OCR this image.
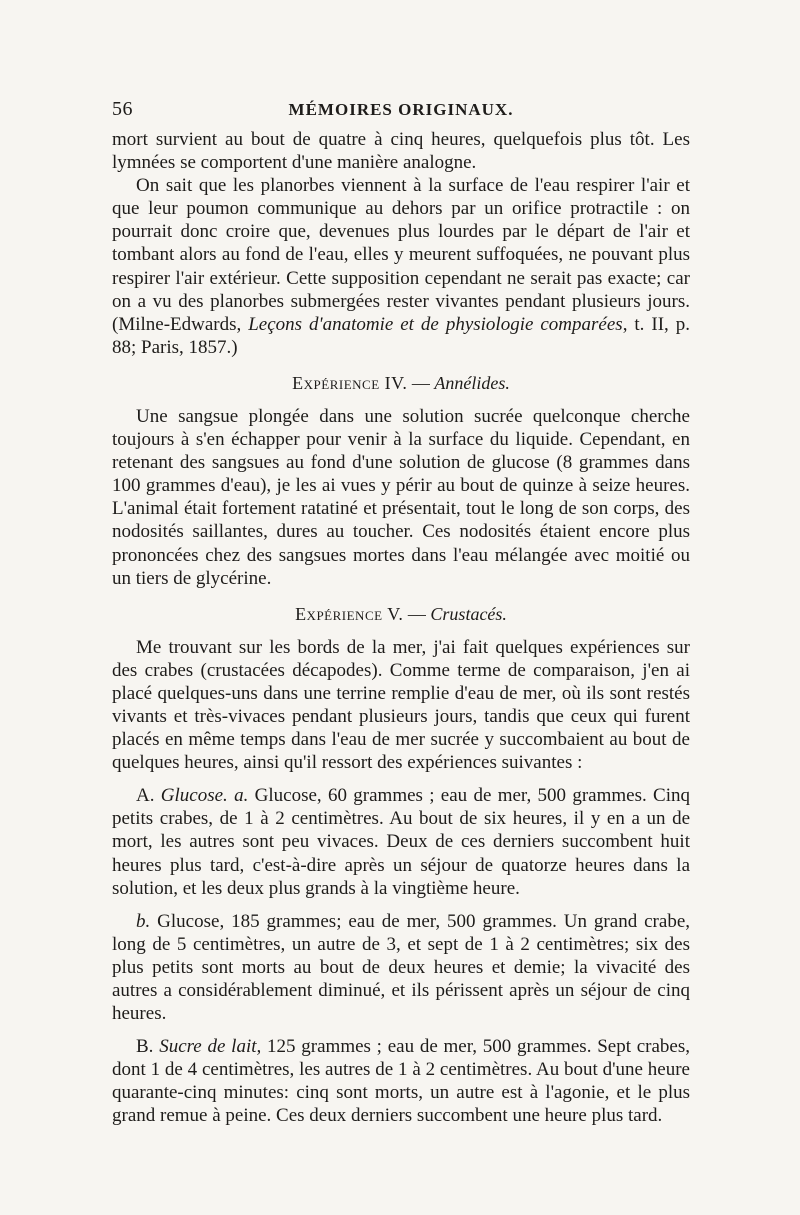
56	MÉMOIRES ORIGINAUX.

mort survient au bout de quatre à cinq heures, quelquefois plus tôt. Les lymnées se comportent d'une manière analogne.

On sait que les planorbes viennent à la surface de l'eau respirer l'air et que leur poumon communique au dehors par un orifice protractile : on pourrait donc croire que, devenues plus lourdes par le départ de l'air et tombant alors au fond de l'eau, elles y meurent suffoquées, ne pouvant plus respirer l'air extérieur. Cette supposition cependant ne serait pas exacte; car on a vu des planorbes submergées rester vivantes pendant plusieurs jours. (Milne-Edwards, Leçons d'anatomie et de physiologie comparées, t. II, p. 88; Paris, 1857.)

Expérience IV. — Annélides.

Une sangsue plongée dans une solution sucrée quelconque cherche toujours à s'en échapper pour venir à la surface du liquide. Cependant, en retenant des sangsues au fond d'une solution de glucose (8 grammes dans 100 grammes d'eau), je les ai vues y périr au bout de quinze à seize heures. L'animal était fortement ratatiné et présentait, tout le long de son corps, des nodosités saillantes, dures au toucher. Ces nodosités étaient encore plus prononcées chez des sangsues mortes dans l'eau mélangée avec moitié ou un tiers de glycérine.

Expérience V. — Crustacés.

Me trouvant sur les bords de la mer, j'ai fait quelques expériences sur des crabes (crustacées décapodes). Comme terme de comparaison, j'en ai placé quelques-uns dans une terrine remplie d'eau de mer, où ils sont restés vivants et très-vivaces pendant plusieurs jours, tandis que ceux qui furent placés en même temps dans l'eau de mer sucrée y succombaient au bout de quelques heures, ainsi qu'il ressort des expériences suivantes :

A. Glucose. a. Glucose, 60 grammes ; eau de mer, 500 grammes. Cinq petits crabes, de 1 à 2 centimètres. Au bout de six heures, il y en a un de mort, les autres sont peu vivaces. Deux de ces derniers succombent huit heures plus tard, c'est-à-dire après un séjour de quatorze heures dans la solution, et les deux plus grands à la vingtième heure.

b. Glucose, 185 grammes; eau de mer, 500 grammes. Un grand crabe, long de 5 centimètres, un autre de 3, et sept de 1 à 2 centimètres; six des plus petits sont morts au bout de deux heures et demie; la vivacité des autres a considérablement diminué, et ils périssent après un séjour de cinq heures.

B. Sucre de lait, 125 grammes ; eau de mer, 500 grammes. Sept crabes, dont 1 de 4 centimètres, les autres de 1 à 2 centimètres. Au bout d'une heure quarante-cinq minutes: cinq sont morts, un autre est à l'agonie, et le plus grand remue à peine. Ces deux derniers succombent une heure plus tard.
